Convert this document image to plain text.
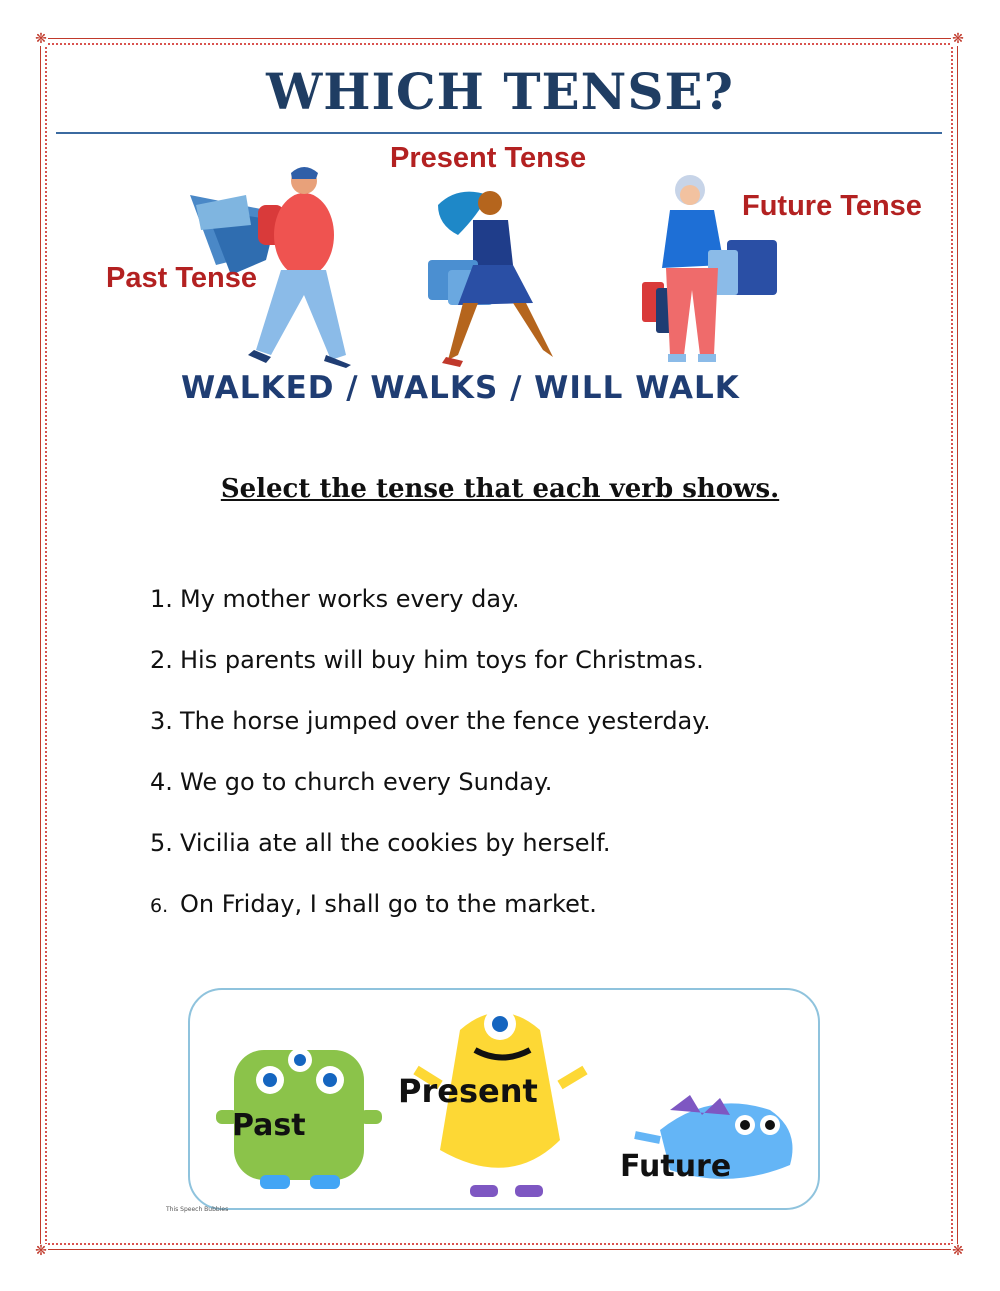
❋	❋
❋	❋
WHICH TENSE?
Present Tense
Future Tense
Past Tense
WALKED / WALKS / WILL WALK
Select the tense that each verb shows.
1. My mother works every day.
2. His parents will buy him toys for Christmas.
3. The horse jumped over the fence yesterday.
4. We go to church every Sunday.
5. Vicilia ate all the cookies by herself.
6. On Friday, I shall go to the market.
Past
Present
Future
This Speech Bubbles
